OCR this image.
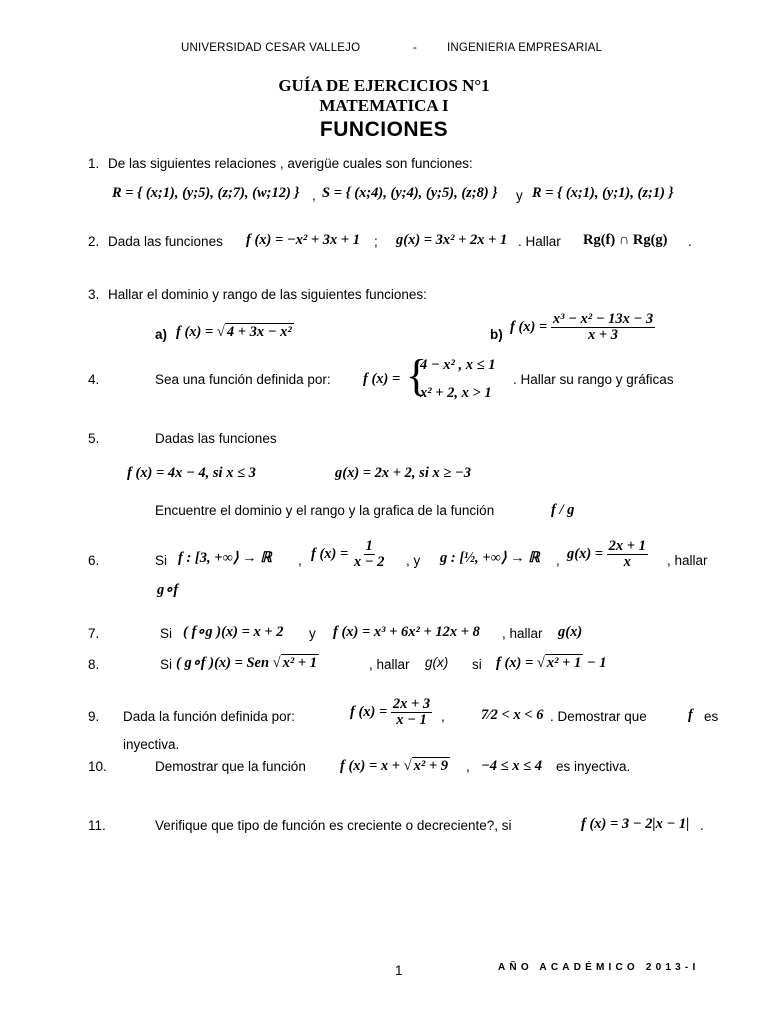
UNIVERSIDAD CESAR VALLEJO	-	INGENIERIA EMPRESARIAL
GUÍA DE EJERCICIOS N°1
MATEMATICA I
FUNCIONES
1. De las siguientes relaciones , averigüe cuales son funciones:
R = { (x;1), (y;5), (z;7), (w;12) } , S = { (x;4), (y;4), (y;5), (z;8) } y R = { (x;1), (y;1), (z;1) }
2. Dada las funciones f (x) = −x² + 3x + 1 ; g(x) = 3x² + 2x + 1 . Hallar Rg(f) ∩ Rg(g) .
3. Hallar el dominio y rango de las siguientes funciones:
a) f (x) = √ 4 + 3x − x²	b) f $(x) = \frac{\text{x³ − x² − 13x − 3}}{x + 3}$
4.	Sea una función definida por: f (x) = {
4 − x² , x ≤ 1
x² + 2, x > 1
. Hallar su rango y gráficas
5.	Dadas las funciones
f (x) = 4x − 4, si x ≤ 3	g(x) = 2x + 2, si x ≥ −3
Encuentre el dominio y el rango y la grafica de la función	f / g
6.	Si f : [3, +∞⟩ → ℝ , f $(x) = \frac{1}{x - 2}$ , y g : [½, +∞⟩ → ℝ , $g(x) = \frac{2x + 1}{x}$ , hallar
g∘f
7.	Si ( f∘g )(x) = x + 2 y f (x) = x³ + 6x² + 12x + 8 , hallar g(x)
8.	Si ( g∘f )(x) = Sen √ x² + 1	, hallar g(x) si f (x) = √ x² + 1 − 1
9. Dada la función definida por:	f $(x) = \frac{2x + 3}{x - 1}$ , 7⁄2 < x < 6 . Demostrar que	f es
inyectiva.
10.	Demostrar que la función f (x) = x + √ x² + 9 , −4 ≤ x ≤ 4 es inyectiva.
11.	Verifique que tipo de función es creciente o decreciente?, si	f (x) = 3 − 2|x − 1| .
1	AÑO ACADÉMICO 2013-I
